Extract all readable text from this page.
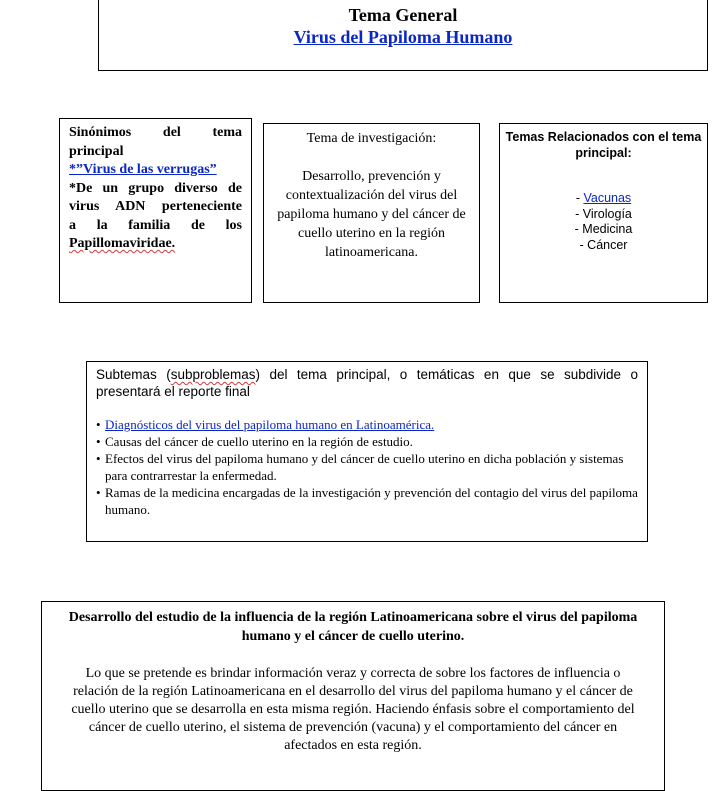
Tema General
Virus del Papiloma Humano
Sinónimos del tema
principal
*”Virus de las verrugas”
*De un grupo diverso de
virus ADN perteneciente
a la familia de los
Papillomaviridae.
Tema de investigación:
Desarrollo, prevención y contextualización del virus del papiloma humano y del cáncer de cuello uterino en la región latinoamericana.
Temas Relacionados con el tema principal:
- Vacunas
- Virología
- Medicina
- Cáncer
Subtemas (subproblemas) del tema principal, o temáticas en que se subdivide o presentará el reporte final
• Diagnósticos del virus del papiloma humano en Latinoamérica.
• Causas del cáncer de cuello uterino en la región de estudio.
• Efectos del virus del papiloma humano y del cáncer de cuello uterino en dicha población y sistemas para contrarrestar la enfermedad.
• Ramas de la medicina encargadas de la investigación y prevención del contagio del virus del papiloma humano.
Desarrollo del estudio de la influencia de la región Latinoamericana sobre el virus del papiloma humano y el cáncer de cuello uterino.
Lo que se pretende es brindar información veraz y correcta de sobre los factores de influencia o relación de la región Latinoamericana en el desarrollo del virus del papiloma humano y el cáncer de cuello uterino que se desarrolla en esta misma región. Haciendo énfasis sobre el comportamiento del cáncer de cuello uterino, el sistema de prevención (vacuna) y el comportamiento del cáncer en afectados en esta región.
